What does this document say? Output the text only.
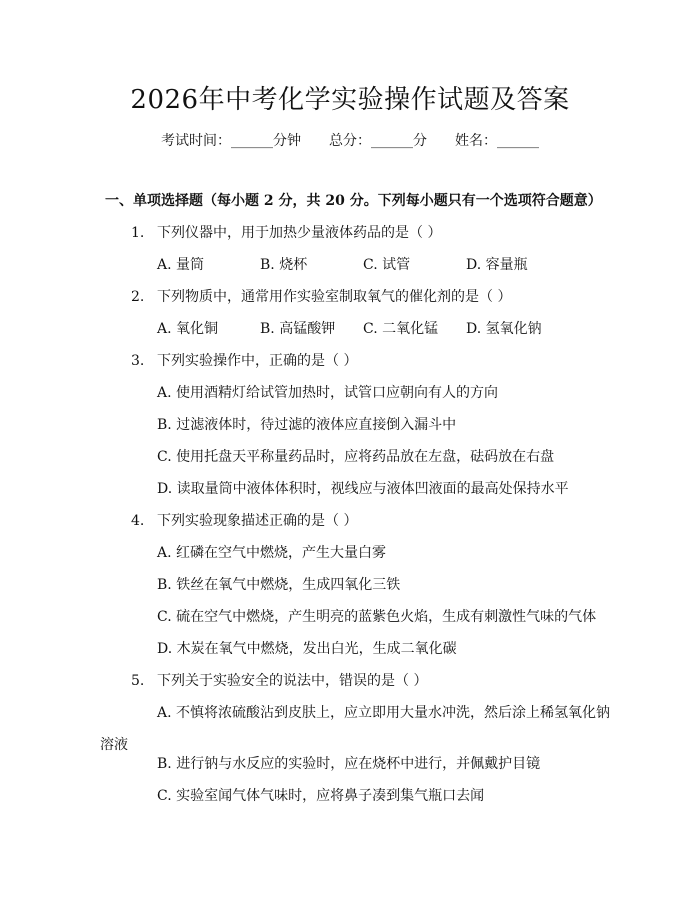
2026年中考化学实验操作试题及答案
考试时间：______分钟 总分：______分 姓名：______
一、单项选择题（每小题 2 分，共 20 分。下列每小题只有一个选项符合题意）
1. 下列仪器中，用于加热少量液体药品的是（ ）
A. 量筒	B. 烧杯	C. 试管	D. 容量瓶
2. 下列物质中，通常用作实验室制取氧气的催化剂的是（ ）
A. 氧化铜	B. 高锰酸钾	C. 二氧化锰	D. 氢氧化钠
3. 下列实验操作中，正确的是（ ）
A. 使用酒精灯给试管加热时，试管口应朝向有人的方向
B. 过滤液体时，待过滤的液体应直接倒入漏斗中
C. 使用托盘天平称量药品时，应将药品放在左盘，砝码放在右盘
D. 读取量筒中液体体积时，视线应与液体凹液面的最高处保持水平
4. 下列实验现象描述正确的是（ ）
A. 红磷在空气中燃烧，产生大量白雾
B. 铁丝在氧气中燃烧，生成四氧化三铁
C. 硫在空气中燃烧，产生明亮的蓝紫色火焰，生成有刺激性气味的气体
D. 木炭在氧气中燃烧，发出白光，生成二氧化碳
5. 下列关于实验安全的说法中，错误的是（ ）
A. 不慎将浓硫酸沾到皮肤上，应立即用大量水冲洗，然后涂上稀氢氧化钠溶液
B. 进行钠与水反应的实验时，应在烧杯中进行，并佩戴护目镜
C. 实验室闻气体气味时，应将鼻子凑到集气瓶口去闻
